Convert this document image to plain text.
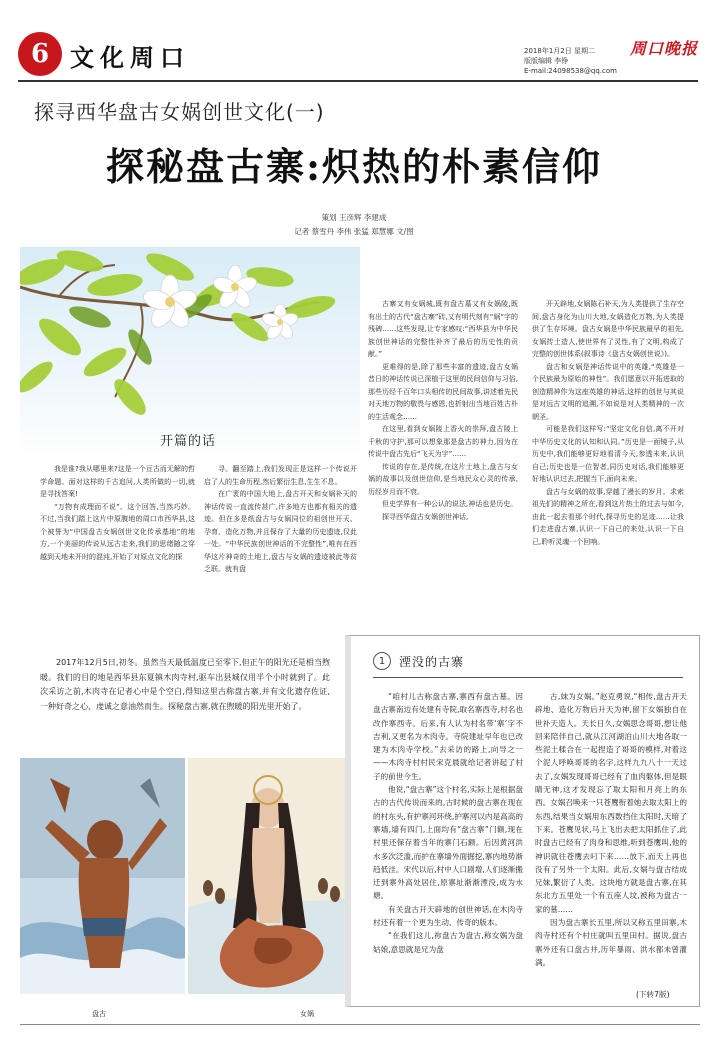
6 文化周口	2018年1月2日 星期二
版版编辑 李铮
E-mail:24098538@qq.com
周口晚报
探寻西华盘古女娲创世文化(一)
探秘盘古寨:炽热的朴素信仰
策划 王彦辉 李建成
记者 蔡雪丹 李伟 张猛 郑慧娜 文/图
开篇的话

我是谁?我从哪里来?这是一个亘古而无解的哲学命题。面对这样的千古追问,人类所做的一切,就是寻找答案!

“万物有成理而不说”。这个回答,当然巧妙。不过,当我们踏上这片中原腹地的周口市西华县,这个被誉为“中国盘古女娲创世文化传承基地”的地方,一个美丽的传说从远古走来,我们的思绪随之穿越到天地未开时的混沌,开始了对原点文化的探

寻。翻至踏上,我们发现正是这样一个传说开启了人的生命历程,然后繁衍生息,生生不息。

在广袤的中国大地上,盘古开天和女娲补天的神话传说一直流传甚广,许多地方也都有相关的遗迹。但在多是纸盘古与女娲同位的祖创世开天、孕育、造化万物,并且保存了大量的历史遗迹,仅此一处。“中华民族创世神话的不完整性”,唯有在西华这片神奇的土地上,盘古与女娲的遗迹被此等贫乏联。就有盘

古寨又有女娲城,既有盘古墓又有女娲陵,既有出土的古代“盘古寨”砖,又有明代刻有“娲”字的残碑……这些发现,让专家感叹:“西华县为中华民族创世神话的完整性补齐了最后的历史性的贡献。”

更难得的是,除了那些丰富的遗迹,盘古女娲昔日的神话传说已深植于这里的民间信仰与习俗,那些历经千百年口头相传的民间故事,讲述着先民对天地万物的敬畏与感恩,也折射出当地百姓古朴的生活观念……

在这里,看到女娲陵上香火的崇拜,盘古陵上千秋的守护,那可以想象那是盘古的神力,因为在传说中盘古先后“飞天为宇”……

传说的存在,是传统,在这片土地上,盘古与女娲的故事以及创世信仰,是当地民众心灵的传承,历经岁月而不衰。

但史学界有一种公认的说法,神话也是历史。

探寻西华盘古女娲创世神话,

开天辟地,女娲陈石补天,为人类提供了生存空间,盘古身化为山川大地,女娲造化万物,为人类提供了生存环境。盘古女娲是中华民族最早的祖先,女娲抟土造人,使世界有了灵性,有了文明,构成了完整的创世体系(叙事诗《盘古女娲创世说》)。

盘古和女娲是神话传说中的英雄,“英雄是一个民族最为原始的神性”。我们愿意以开拓进取的创造精神作为这座英雄的神话,这样的创世与其说是对远古文明的追溯,不如说是对人类精神的一次朝圣。

可能是我们这样写:“坚定文化自信,离不开对中华历史文化的认知和认同。”历史是一面镜子,从历史中,我们能够更好地看清今天,参透未来,认识自己;历史也是一位智者,同历史对话,我们能够更好地认识过去,把握当下,面向未来。

盘古与女娲的故事,穿越了漫长的岁月。求索祖先们的精神之所在,看到这片热土的过去与如今,由此一起去看那个时代,探寻历史的足迹……让我们走进盘古寨,认识一下自己的来处,认识一下自己,聆听灵魂一个回响。

2017年12月5日,初冬。虽然当天最低温度已至零下,但正午的阳光还是相当煦暖。我们的目的地是西华县东夏镇木肉寺村,驱车出县城仅用半个小时就到了。此次采访之前,木肉寺在记者心中是个空白,得知这里古称盘古寨,并有文化遗存佐证,一种好奇之心、虔诚之意油然而生。探秘盘古寨,就在煦暖的阳光里开始了。

盘古	女娲
1	湮没的古寨

“咱村儿古称盘古寨,寨西有盘古墓。因盘古寨南边有处建有寺院,取名寨西寺,村名也改作寨西寺。后来,有人认为村名带‘寨’字不吉利,又更名为木肉寺。寺院建址早年也已改建为木肉寺学校。”去采访的路上,向导之一——木肉寺村村民宋克晨就给记者讲起了村子的前世今生。

他说,“盘古寨”这个村名,实际上是根据盘古的古代传说而来的,古时候的盘古寨在现在的村东头,有护寨河环绕,护寨河以内是高高的寨墙,墙有四门,上面均有“盘古寨”门额,现在村里还保存着当年的寨门石额。后因黄河洪水多次泛滥,而护在寨墙外面掘挖,寨内地势渐趋低洼。宋代以后,村中人口剧增,人们逐渐搬迁到寨外高处居住,原寨址渐渐湮没,成为水塘。

有关盘古开天辟地的创世神话,在木肉寺村还有着一个更为生动、传奇的版本。

“在我们这儿,祢盘古为盘古,称女娲为盘姑娘,意思就是兄为盘

古,妹为女娲。”赵克勇说,“相传,盘古开天辟地、造化万物后升天为神,留下女娲独自在世补天造人。天长日久,女娲思念哥哥,想让他回来陪伴自己,就从江河湖泊山川大地各取一些泥土糅合在一起捏造了哥哥的模样,对着这个泥人呼唤哥哥的名字,这样九九八十一天过去了,女娲发现哥哥已经有了血肉躯体,但是眼睛无神,这才发现忘了取太阳和月亮上的东西。女娲召唤来一只苍鹰衔着她去取太阳上的东西,结果当女娲用东西数挡住太阳时,天暗了下来。苍鹰见状,马上飞出去把太阳抓住了,此时盘古已经有了肉身和思维,听到苍鹰叫,他的神识就往苍鹰去叼下来……放下,而天上再也没有了另外一个太阳。此后,女娲与盘古结成兄妹,繁衍了人类。这块地方就是盘古寨,在其东北方五里处一个有五座人坟,被称为盘古一家的墓……

因为盘古寨长五里,所以又称五里田寨,木肉寺村还有个村庄就叫五里田村。据说,盘古寨外还有口盘古井,历年暴雨、洪水都未曾灌满。

(下转7版)
